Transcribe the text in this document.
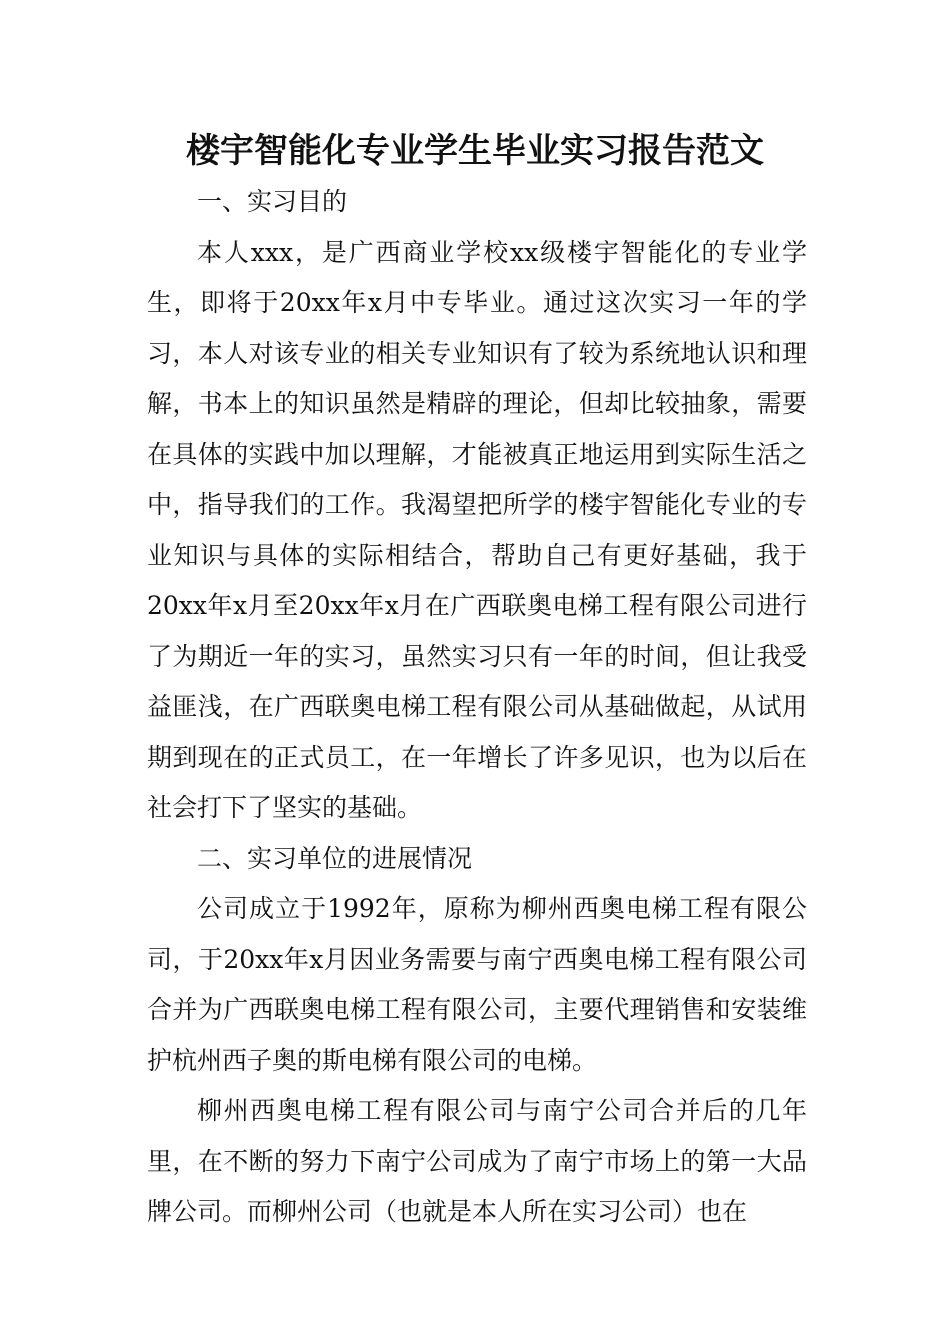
楼宇智能化专业学生毕业实习报告范文

一、实习目的

本人xxx，是广西商业学校xx级楼宇智能化的专业学生，即将于20xx年x月中专毕业。通过这次实习一年的学习，本人对该专业的相关专业知识有了较为系统地认识和理解，书本上的知识虽然是精辟的理论，但却比较抽象，需要在具体的实践中加以理解，才能被真正地运用到实际生活之中，指导我们的工作。我渴望把所学的楼宇智能化专业的专业知识与具体的实际相结合，帮助自己有更好基础，我于20xx年x月至20xx年x月在广西联奥电梯工程有限公司进行了为期近一年的实习，虽然实习只有一年的时间，但让我受益匪浅，在广西联奥电梯工程有限公司从基础做起，从试用期到现在的正式员工，在一年增长了许多见识，也为以后在社会打下了坚实的基础。

二、实习单位的进展情况

公司成立于1992年，原称为柳州西奥电梯工程有限公司，于20xx年x月因业务需要与南宁西奥电梯工程有限公司合并为广西联奥电梯工程有限公司，主要代理销售和安装维护杭州西子奥的斯电梯有限公司的电梯。

柳州西奥电梯工程有限公司与南宁公司合并后的几年里，在不断的努力下南宁公司成为了南宁市场上的第一大品牌公司。而柳州公司（也就是本人所在实习公司）也在
